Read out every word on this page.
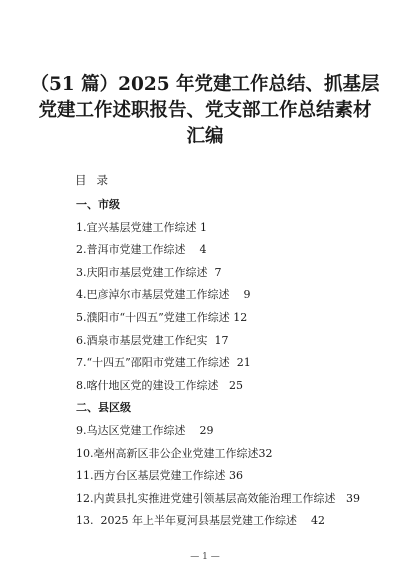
（51 篇）2025 年党建工作总结、抓基层
党建工作述职报告、党支部工作总结素材
汇编
目录
一、市级
1.宜兴基层党建工作综述 1
2.普洱市党建工作综述    4
3.庆阳市基层党建工作综述  7
4.巴彦淖尔市基层党建工作综述    9
5.濮阳市“十四五”党建工作综述 12
6.酒泉市基层党建工作纪实  17
7.“十四五”邵阳市党建工作综述  21
8.喀什地区党的建设工作综述   25
二、县区级
9.乌达区党建工作综述    29
10.亳州高新区非公企业党建工作综述32
11.西方台区基层党建工作综述 36
12.内黄县扎实推进党建引领基层高效能治理工作综述   39
13.  2025 年上半年夏河县基层党建工作综述    42
— 1 —
